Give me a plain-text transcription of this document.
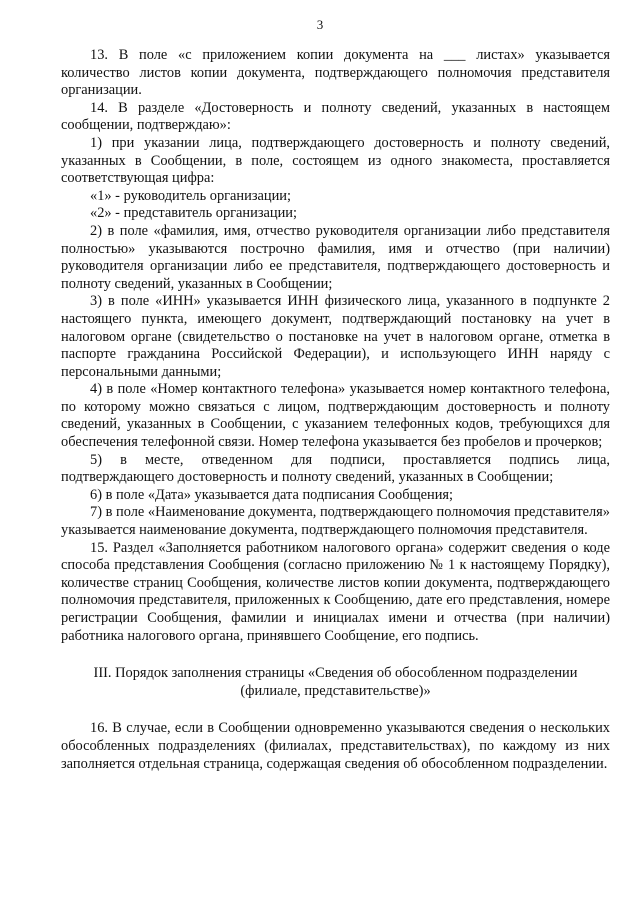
3

13. В поле «с приложением копии документа на ___ листах» указывается количество листов копии документа, подтверждающего полномочия представителя организации.

14. В разделе «Достоверность и полноту сведений, указанных в настоящем сообщении, подтверждаю»:

1) при указании лица, подтверждающего достоверность и полноту сведений, указанных в Сообщении, в поле, состоящем из одного знакоместа, проставляется соответствующая цифра:

«1» - руководитель организации;

«2» - представитель организации;

2) в поле «фамилия, имя, отчество руководителя организации либо представителя полностью» указываются построчно фамилия, имя и отчество (при наличии) руководителя организации либо ее представителя, подтверждающего достоверность и полноту сведений, указанных в Сообщении;

3) в поле «ИНН» указывается ИНН физического лица, указанного в подпункте 2 настоящего пункта, имеющего документ, подтверждающий постановку на учет в налоговом органе (свидетельство о постановке на учет в налоговом органе, отметка в паспорте гражданина Российской Федерации), и использующего ИНН наряду с персональными данными;

4) в поле «Номер контактного телефона» указывается номер контактного телефона, по которому можно связаться с лицом, подтверждающим достоверность и полноту сведений, указанных в Сообщении, с указанием телефонных кодов, требующихся для обеспечения телефонной связи. Номер телефона указывается без пробелов и прочерков;

5) в месте, отведенном для подписи, проставляется подпись лица, подтверждающего достоверность и полноту сведений, указанных в Сообщении;

6) в поле «Дата» указывается дата подписания Сообщения;

7) в поле «Наименование документа, подтверждающего полномочия представителя» указывается наименование документа, подтверждающего полномочия представителя.

15. Раздел «Заполняется работником налогового органа» содержит сведения о коде способа представления Сообщения (согласно приложению № 1 к настоящему Порядку), количестве страниц Сообщения, количестве листов копии документа, подтверждающего полномочия представителя, приложенных к Сообщению, дате его представления, номере регистрации Сообщения, фамилии и инициалах имени и отчества (при наличии) работника налогового органа, принявшего Сообщение, его подпись.

III. Порядок заполнения страницы «Сведения об обособленном подразделении
(филиале, представительстве)»

16. В случае, если в Сообщении одновременно указываются сведения о нескольких обособленных подразделениях (филиалах, представительствах), по каждому из них заполняется отдельная страница, содержащая сведения об обособленном подразделении.
